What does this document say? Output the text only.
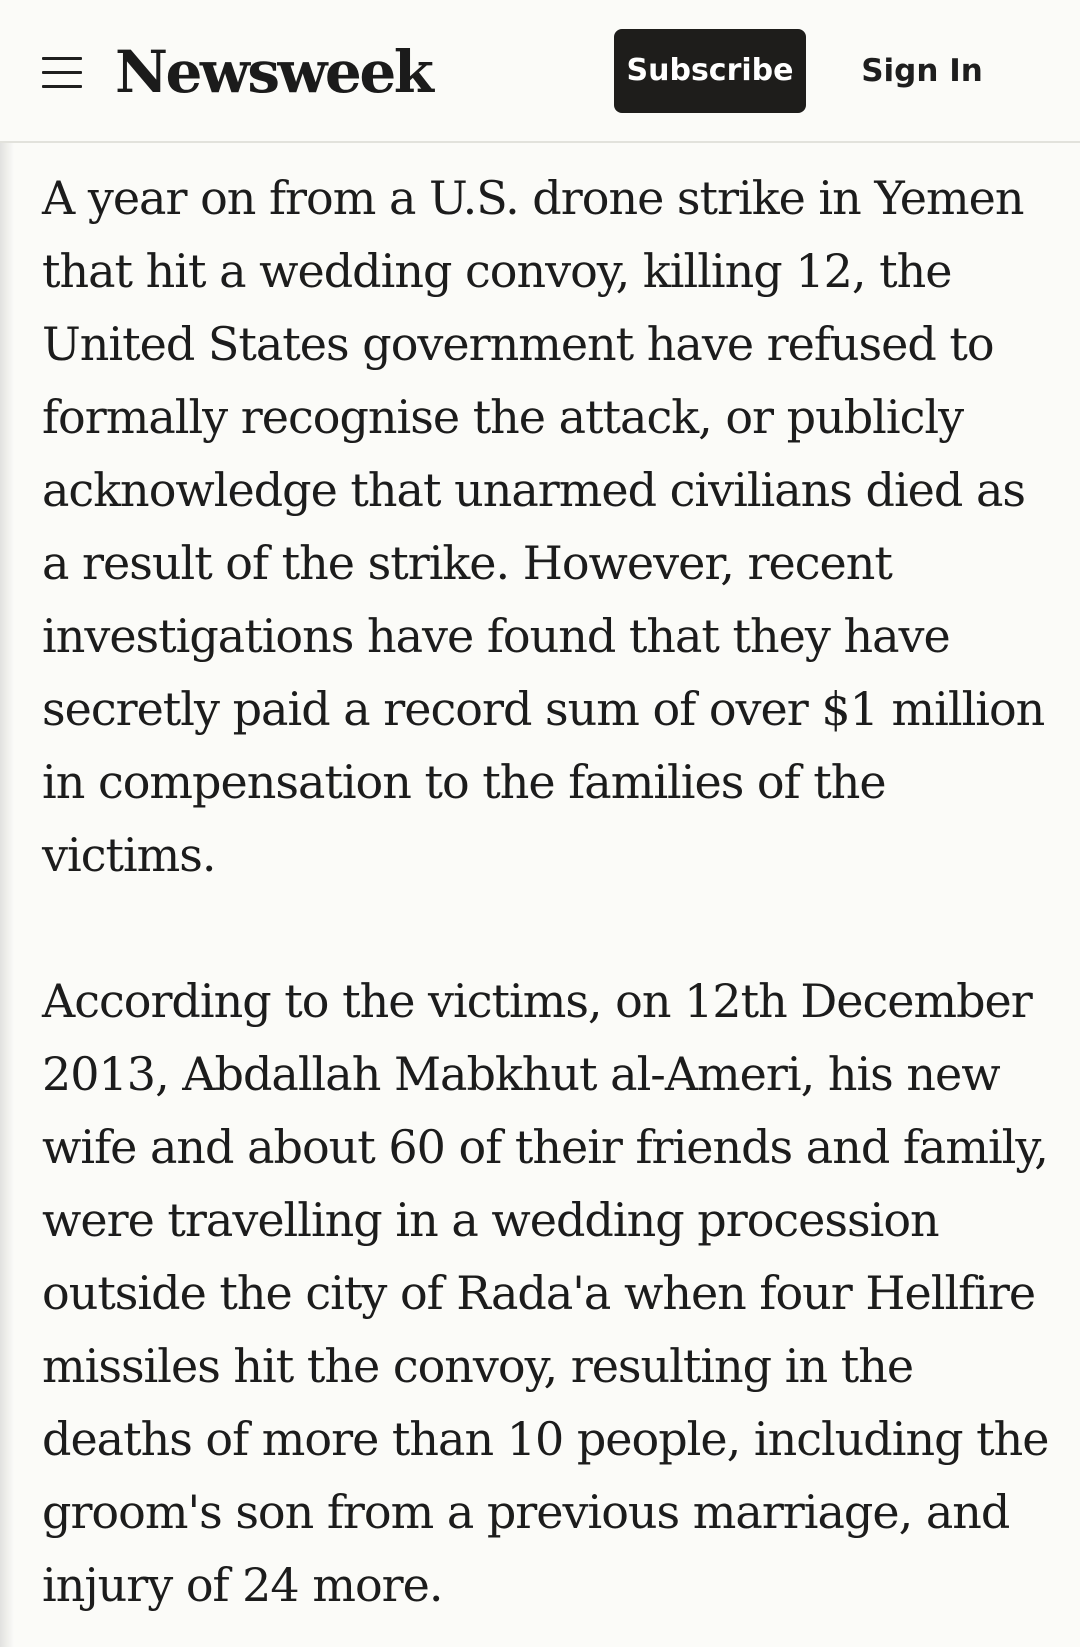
Newsweek	Subscribe	Sign In

A year on from a U.S. drone strike in Yemen that hit a wedding convoy, killing 12, the United States government have refused to formally recognise the attack, or publicly acknowledge that unarmed civilians died as a result of the strike. However, recent investigations have found that they have secretly paid a record sum of over $1 million in compensation to the families of the victims.

According to the victims, on 12th December 2013, Abdallah Mabkhut al-Ameri, his new wife and about 60 of their friends and family, were travelling in a wedding procession outside the city of Rada'a when four Hellfire missiles hit the convoy, resulting in the deaths of more than 10 people, including the groom's son from a previous marriage, and injury of 24 more.
